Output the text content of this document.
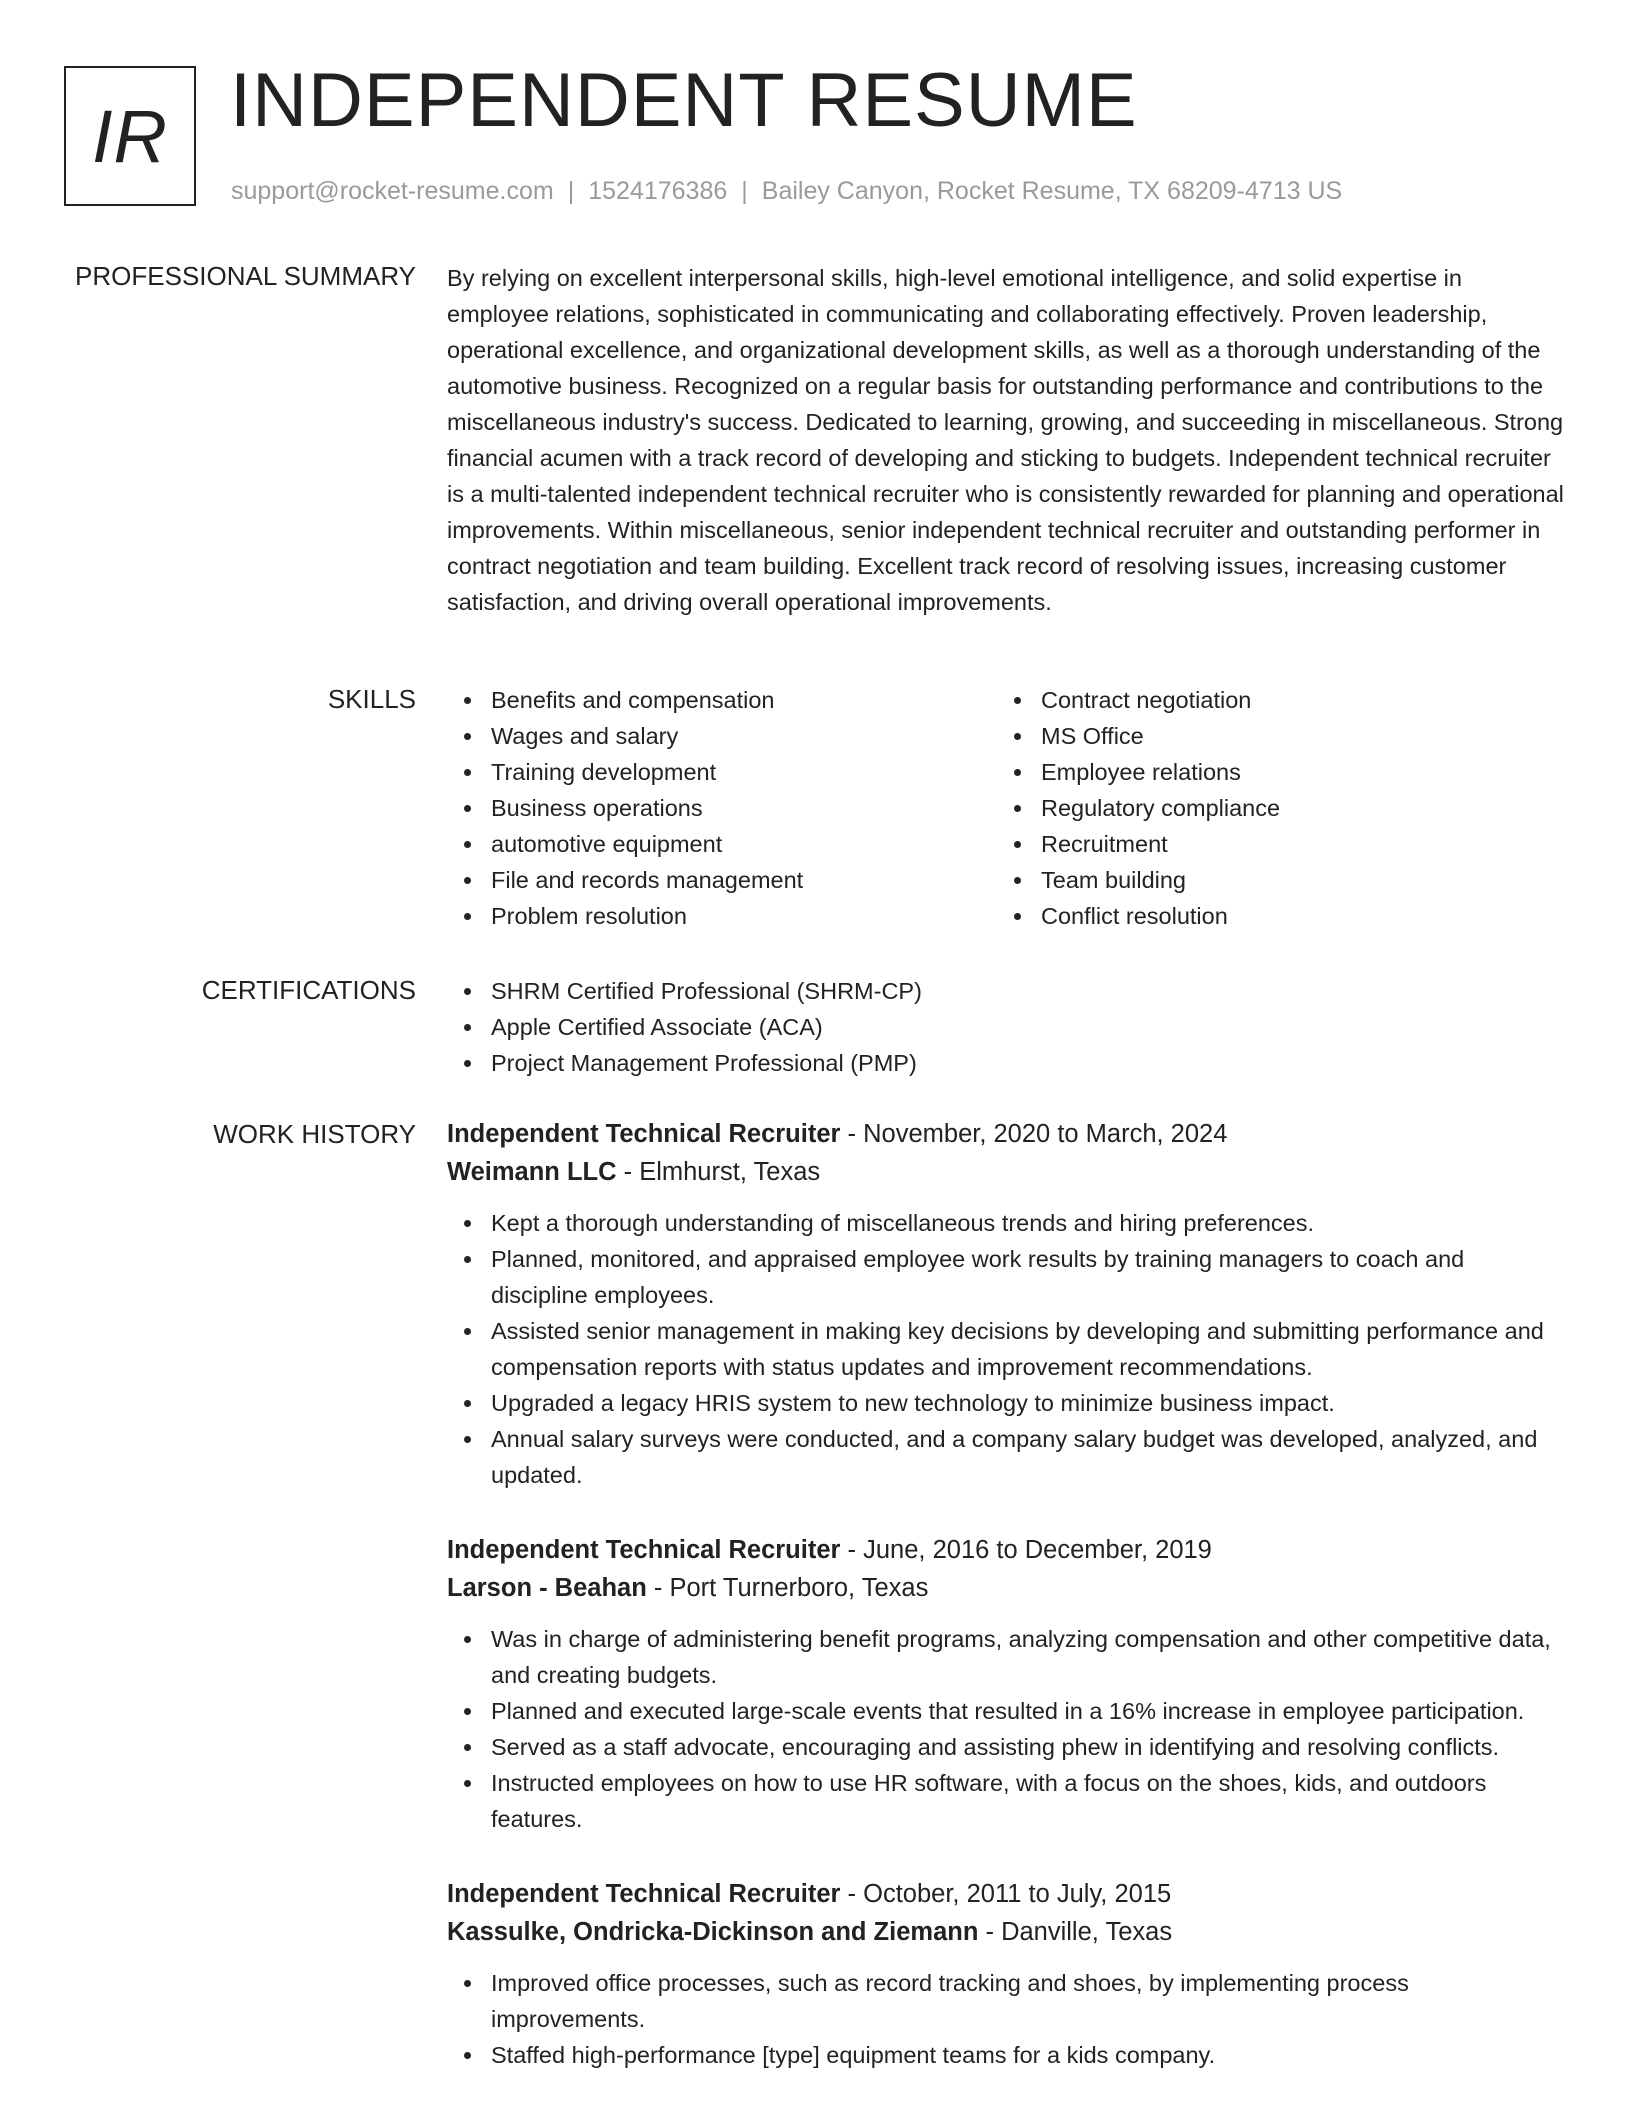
IR INDEPENDENT RESUME
support@rocket-resume.com | 1524176386 | Bailey Canyon, Rocket Resume, TX 68209-4713 US
PROFESSIONAL SUMMARY By relying on excellent interpersonal skills, high-level emotional intelligence, and solid expertise in employee relations, sophisticated in communicating and collaborating effectively. Proven leadership, operational excellence, and organizational development skills, as well as a thorough understanding of the automotive business. Recognized on a regular basis for outstanding performance and contributions to the miscellaneous industry's success. Dedicated to learning, growing, and succeeding in miscellaneous. Strong financial acumen with a track record of developing and sticking to budgets. Independent technical recruiter is a multi-talented independent technical recruiter who is consistently rewarded for planning and operational improvements. Within miscellaneous, senior independent technical recruiter and outstanding performer in contract negotiation and team building. Excellent track record of resolving issues, increasing customer satisfaction, and driving overall operational improvements.

SKILLS	Benefits and compensation
Wages and salary
Training development
Business operations
automotive equipment
File and records management
Problem resolution
Contract negotiation
MS Office
Employee relations
Regulatory compliance
Recruitment
Team building
Conflict resolution
CERTIFICATIONS	SHRM Certified Professional (SHRM-CP)
Apple Certified Associate (ACA)
Project Management Professional (PMP)
WORK HISTORY Independent Technical Recruiter - November, 2020 to March, 2024
Weimann LLC - Elmhurst, Texas
Kept a thorough understanding of miscellaneous trends and hiring preferences.
Planned, monitored, and appraised employee work results by training managers to coach and discipline employees.
Assisted senior management in making key decisions by developing and submitting performance and compensation reports with status updates and improvement recommendations.
Upgraded a legacy HRIS system to new technology to minimize business impact.
Annual salary surveys were conducted, and a company salary budget was developed, analyzed, and updated.
Independent Technical Recruiter - June, 2016 to December, 2019
Larson - Beahan - Port Turnerboro, Texas
Was in charge of administering benefit programs, analyzing compensation and other competitive data, and creating budgets.
Planned and executed large-scale events that resulted in a 16% increase in employee participation.
Served as a staff advocate, encouraging and assisting phew in identifying and resolving conflicts.
Instructed employees on how to use HR software, with a focus on the shoes, kids, and outdoors features.
Independent Technical Recruiter - October, 2011 to July, 2015
Kassulke, Ondricka-Dickinson and Ziemann - Danville, Texas
Improved office processes, such as record tracking and shoes, by implementing process improvements.
Staffed high-performance [type] equipment teams for a kids company.
